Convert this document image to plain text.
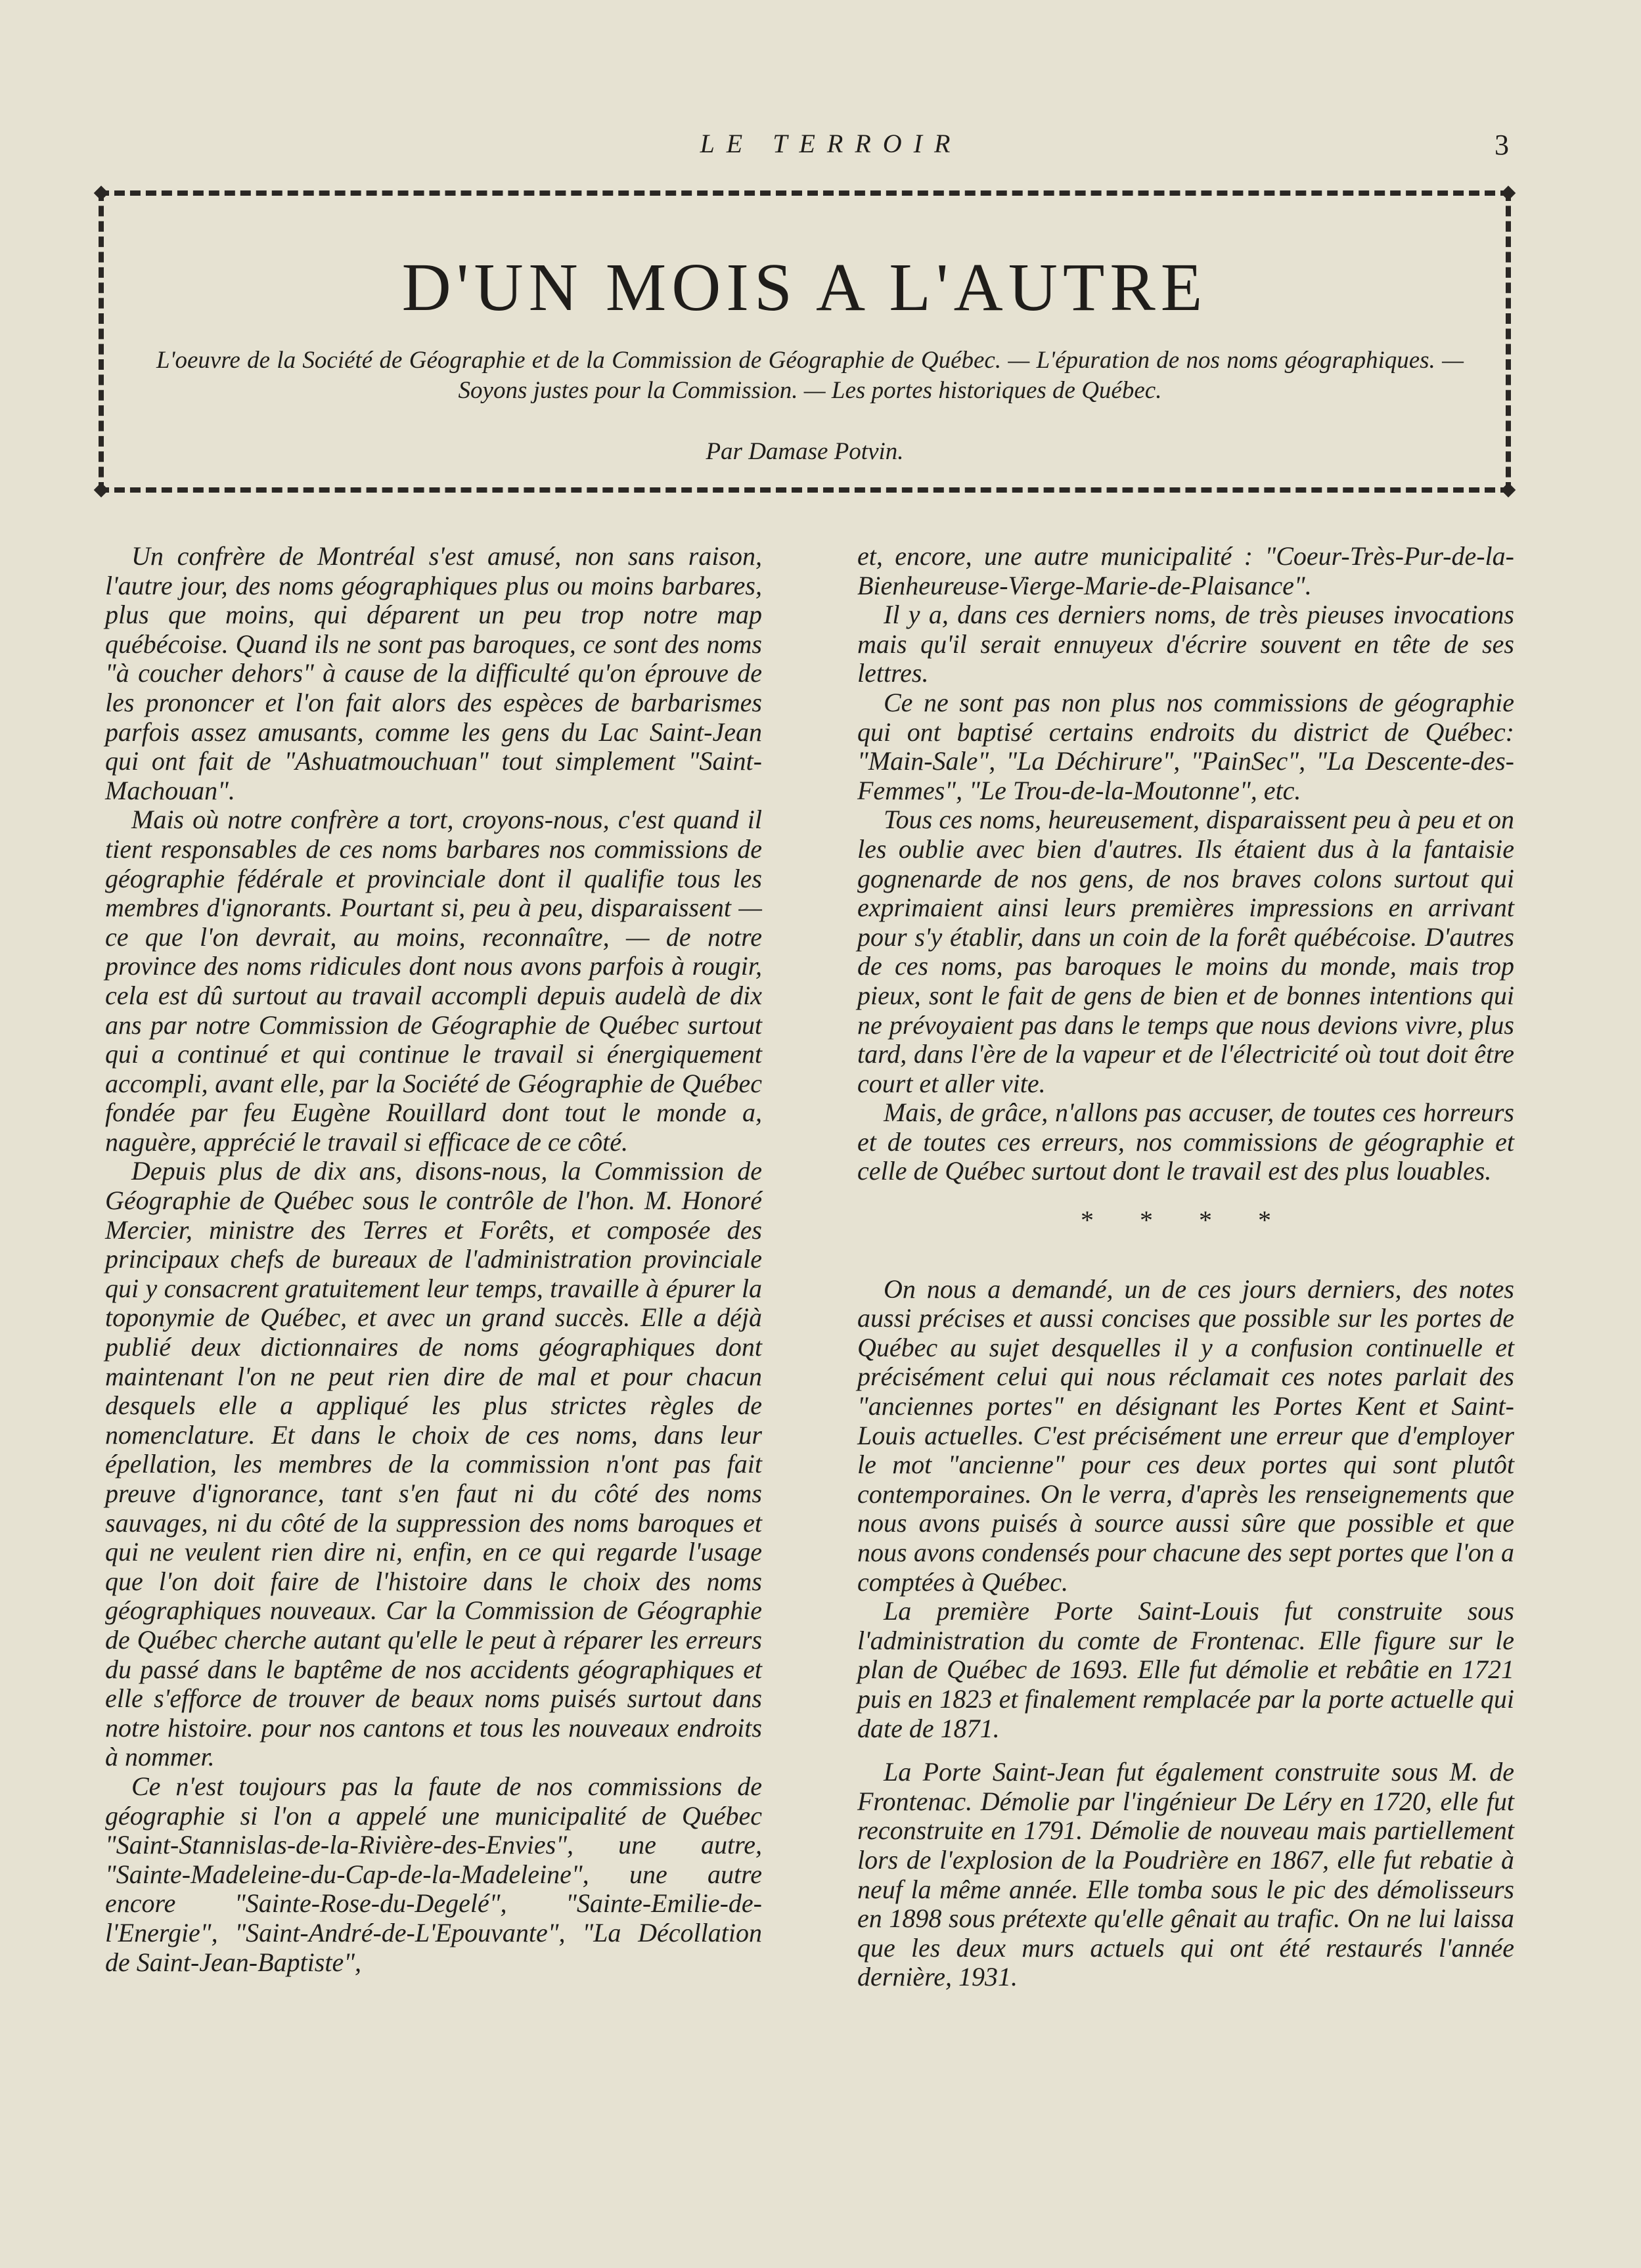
LE TERROIR	3
D'UN MOIS A L'AUTRE
L'oeuvre de la Société de Géographie et de la Commission de Géographie de Québec. — L'épuration de nos noms géographiques. — Soyons justes pour la Commission. — Les portes historiques de Québec.
Par Damase Potvin.

Un confrère de Montréal s'est amusé, non sans raison, l'autre jour, des noms géographiques plus ou moins barbares, plus que moins, qui déparent un peu trop notre map québécoise. Quand ils ne sont pas baroques, ce sont des noms "à coucher dehors" à cause de la difficulté qu'on éprouve de les prononcer et l'on fait alors des espèces de barbarismes parfois assez amusants, comme les gens du Lac Saint-Jean qui ont fait de "Ashuatmouchuan" tout simplement "Saint-Machouan".

Mais où notre confrère a tort, croyons-nous, c'est quand il tient responsables de ces noms barbares nos commissions de géographie fédérale et provinciale dont il qualifie tous les membres d'ignorants. Pourtant si, peu à peu, disparaissent — ce que l'on devrait, au moins, reconnaître, — de notre province des noms ridicules dont nous avons parfois à rougir, cela est dû surtout au travail accompli depuis audelà de dix ans par notre Commission de Géographie de Québec surtout qui a continué et qui continue le travail si énergiquement accompli, avant elle, par la Société de Géographie de Québec fondée par feu Eugène Rouillard dont tout le monde a, naguère, apprécié le travail si efficace de ce côté.

Depuis plus de dix ans, disons-nous, la Commission de Géographie de Québec sous le contrôle de l'hon. M. Honoré Mercier, ministre des Terres et Forêts, et composée des principaux chefs de bureaux de l'administration provinciale qui y consacrent gratuitement leur temps, travaille à épurer la toponymie de Québec, et avec un grand succès. Elle a déjà publié deux dictionnaires de noms géographiques dont maintenant l'on ne peut rien dire de mal et pour chacun desquels elle a appliqué les plus strictes règles de nomenclature. Et dans le choix de ces noms, dans leur épellation, les membres de la commission n'ont pas fait preuve d'ignorance, tant s'en faut ni du côté des noms sauvages, ni du côté de la suppression des noms baroques et qui ne veulent rien dire ni, enfin, en ce qui regarde l'usage que l'on doit faire de l'histoire dans le choix des noms géographiques nouveaux. Car la Commission de Géographie de Québec cherche autant qu'elle le peut à réparer les erreurs du passé dans le baptême de nos accidents géographiques et elle s'efforce de trouver de beaux noms puisés surtout dans notre histoire. pour nos cantons et tous les nouveaux endroits à nommer.

Ce n'est toujours pas la faute de nos commissions de géographie si l'on a appelé une municipalité de Québec "Saint-Stannislas-de-la-Rivière-des-Envies", une autre, "Sainte-Madeleine-du-Cap-de-la-Madeleine", une autre encore "Sainte-Rose-du-Degelé", "Sainte-Emilie-de-l'Energie", "Saint-André-de-L'Epouvante", "La Décollation de Saint-Jean-Baptiste",

et, encore, une autre municipalité : "Coeur-Très-Pur-de-la-Bienheureuse-Vierge-Marie-de-Plaisance".

Il y a, dans ces derniers noms, de très pieuses invocations mais qu'il serait ennuyeux d'écrire souvent en tête de ses lettres.

Ce ne sont pas non plus nos commissions de géographie qui ont baptisé certains endroits du district de Québec: "Main-Sale", "La Déchirure", "PainSec", "La Descente-des-Femmes", "Le Trou-de-la-Moutonne", etc.

Tous ces noms, heureusement, disparaissent peu à peu et on les oublie avec bien d'autres. Ils étaient dus à la fantaisie gognenarde de nos gens, de nos braves colons surtout qui exprimaient ainsi leurs premières impressions en arrivant pour s'y établir, dans un coin de la forêt québécoise. D'autres de ces noms, pas baroques le moins du monde, mais trop pieux, sont le fait de gens de bien et de bonnes intentions qui ne prévoyaient pas dans le temps que nous devions vivre, plus tard, dans l'ère de la vapeur et de l'électricité où tout doit être court et aller vite.

Mais, de grâce, n'allons pas accuser, de toutes ces horreurs et de toutes ces erreurs, nos commissions de géographie et celle de Québec surtout dont le travail est des plus louables.

* * * *

On nous a demandé, un de ces jours derniers, des notes aussi précises et aussi concises que possible sur les portes de Québec au sujet desquelles il y a confusion continuelle et précisément celui qui nous réclamait ces notes parlait des "anciennes portes" en désignant les Portes Kent et Saint-Louis actuelles. C'est précisément une erreur que d'employer le mot "ancienne" pour ces deux portes qui sont plutôt contemporaines. On le verra, d'après les renseignements que nous avons puisés à source aussi sûre que possible et que nous avons condensés pour chacune des sept portes que l'on a comptées à Québec.

La première Porte Saint-Louis fut construite sous l'administration du comte de Frontenac. Elle figure sur le plan de Québec de 1693. Elle fut démolie et rebâtie en 1721 puis en 1823 et finalement remplacée par la porte actuelle qui date de 1871.

La Porte Saint-Jean fut également construite sous M. de Frontenac. Démolie par l'ingénieur De Léry en 1720, elle fut reconstruite en 1791. Démolie de nouveau mais partiellement lors de l'explosion de la Poudrière en 1867, elle fut rebatie à neuf la même année. Elle tomba sous le pic des démolisseurs en 1898 sous prétexte qu'elle gênait au trafic. On ne lui laissa que les deux murs actuels qui ont été restaurés l'année dernière, 1931.
